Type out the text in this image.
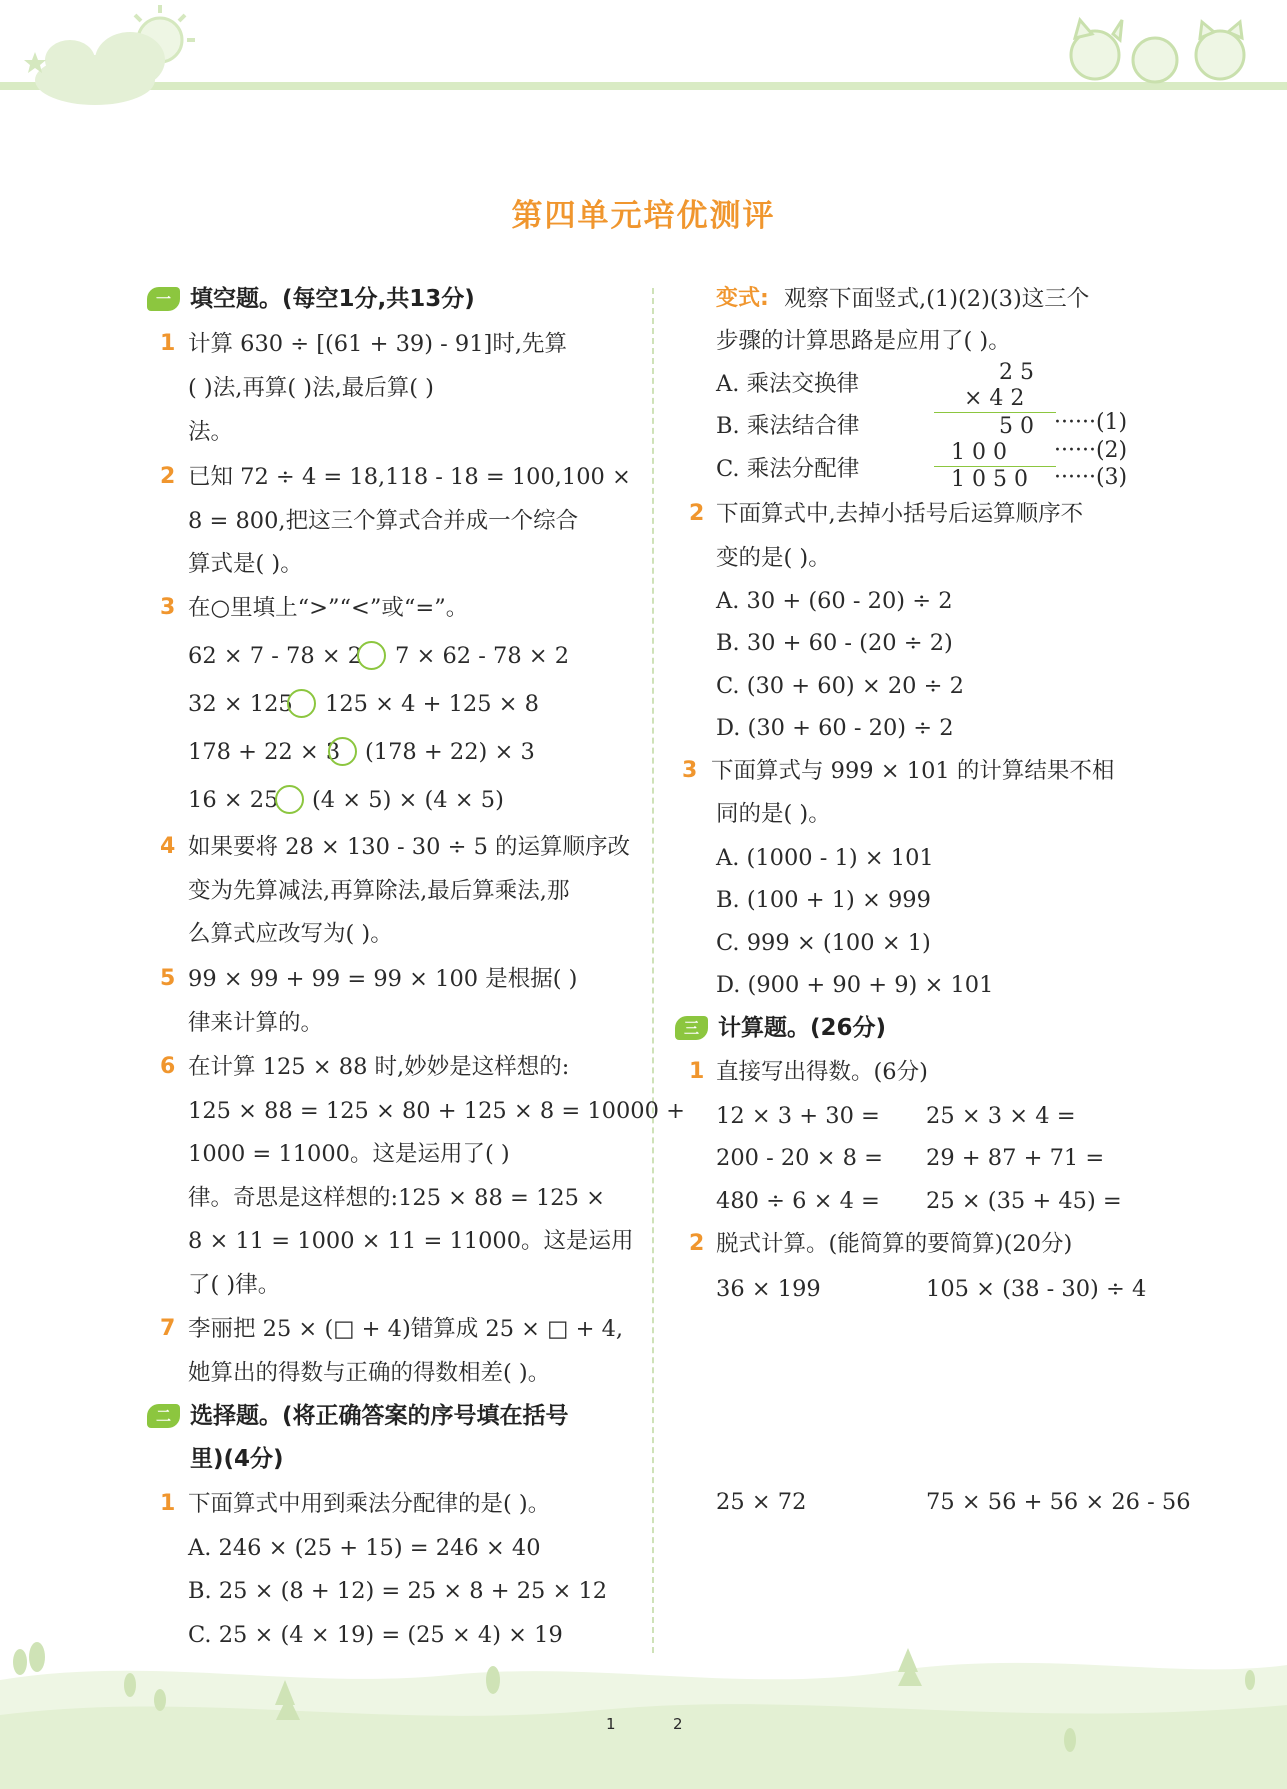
第四单元培优测评
一 填空题。(每空1分,共13分)
1 计算 630 ÷ [(61 + 39) - 91]时,先算
( )法,再算( )法,最后算( )
法。
2 已知 72 ÷ 4 = 18,118 - 18 = 100,100 ×
8 = 800,把这三个算式合并成一个综合
算式是( )。
3 在○里填上“>”“<”或“=”。
62 × 7 - 78 × 2 7 × 62 - 78 × 2
32 × 125 125 × 4 + 125 × 8
178 + 22 × 3 (178 + 22) × 3
16 × 25 (4 × 5) × (4 × 5)
4 如果要将 28 × 130 - 30 ÷ 5 的运算顺序改
变为先算减法,再算除法,最后算乘法,那
么算式应改写为( )。
5 99 × 99 + 99 = 99 × 100 是根据( )
律来计算的。
6 在计算 125 × 88 时,妙妙是这样想的:
125 × 88 = 125 × 80 + 125 × 8 = 10000 +
1000 = 11000。这是运用了( )
律。奇思是这样想的:125 × 88 = 125 ×
8 × 11 = 1000 × 11 = 11000。这是运用
了( )律。
7 李丽把 25 × (□ + 4)错算成 25 × □ + 4,
她算出的得数与正确的得数相差( )。
二 选择题。(将正确答案的序号填在括号
里)(4分)
1 下面算式中用到乘法分配律的是( )。
A. 246 × (25 + 15) = 246 × 40
B. 25 × (8 + 12) = 25 × 8 + 25 × 12
C. 25 × (4 × 19) = (25 × 4) × 19
变式: 观察下面竖式,(1)(2)(3)这三个
步骤的计算思路是应用了( )。
A. 乘法交换律
B. 乘法结合律
C. 乘法分配律
2 5
× 4 2
5 0 ······(1)
1 0 0 ······(2)
1 0 5 0 ······(3)
2 下面算式中,去掉小括号后运算顺序不
变的是( )。
A. 30 + (60 - 20) ÷ 2
B. 30 + 60 - (20 ÷ 2)
C. (30 + 60) × 20 ÷ 2
D. (30 + 60 - 20) ÷ 2
3 下面算式与 999 × 101 的计算结果不相
同的是( )。
A. (1000 - 1) × 101
B. (100 + 1) × 999
C. 999 × (100 × 1)
D. (900 + 90 + 9) × 101
三 计算题。(26分)
1 直接写出得数。(6分)
12 × 3 + 30 = 25 × 3 × 4 =
200 - 20 × 8 = 29 + 87 + 71 =
480 ÷ 6 × 4 = 25 × (35 + 45) =
2 脱式计算。(能简算的要简算)(20分)
36 × 199	105 × (38 - 30) ÷ 4
25 × 72	75 × 56 + 56 × 26 - 56
1	2
